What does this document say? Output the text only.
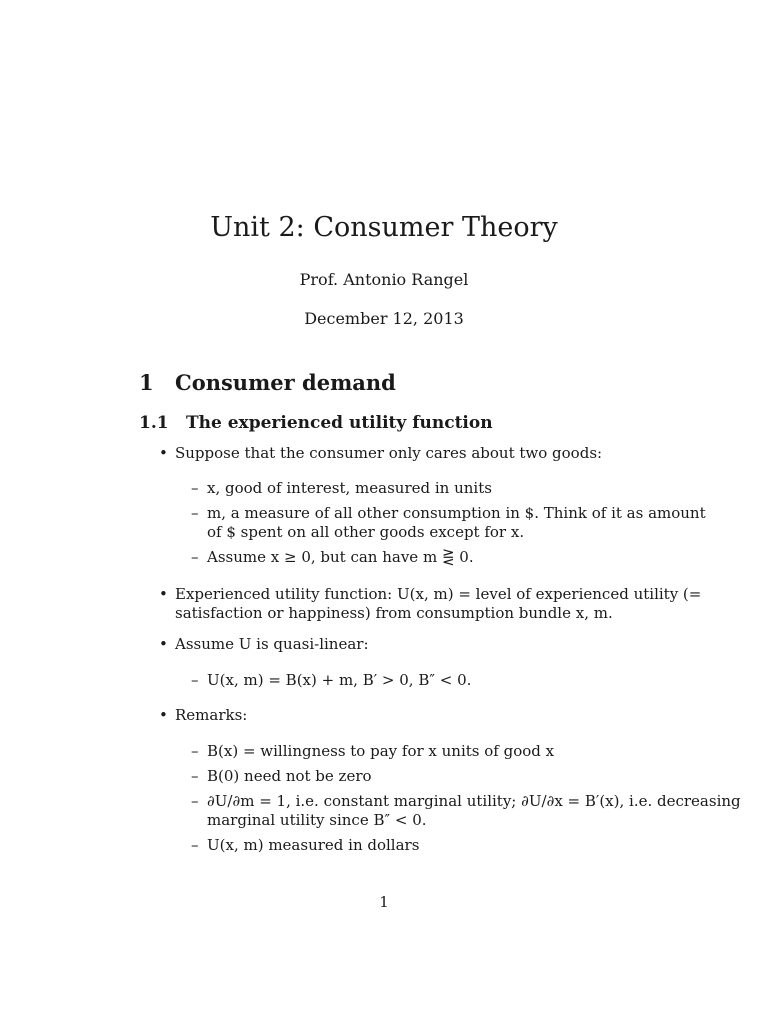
Unit 2: Consumer Theory
Prof. Antonio Rangel
December 12, 2013
1 Consumer demand
1.1 The experienced utility function
• Suppose that the consumer only cares about two goods:
– x, good of interest, measured in units
– m, a measure of all other consumption in $. Think of it as amount
of $ spent on all other goods except for x.
– Assume x ≥ 0, but can have m ⋛ 0.
• Experienced utility function: U(x, m) = level of experienced utility (=
satisfaction or happiness) from consumption bundle x, m.
• Assume U is quasi-linear:
– U(x, m) = B(x) + m, B′ > 0, B″ < 0.
• Remarks:
– B(x) = willingness to pay for x units of good x
– B(0) need not be zero
– ∂U/∂m = 1, i.e. constant marginal utility; ∂U/∂x = B′(x), i.e. decreasing
marginal utility since B″ < 0.
– U(x, m) measured in dollars
1
